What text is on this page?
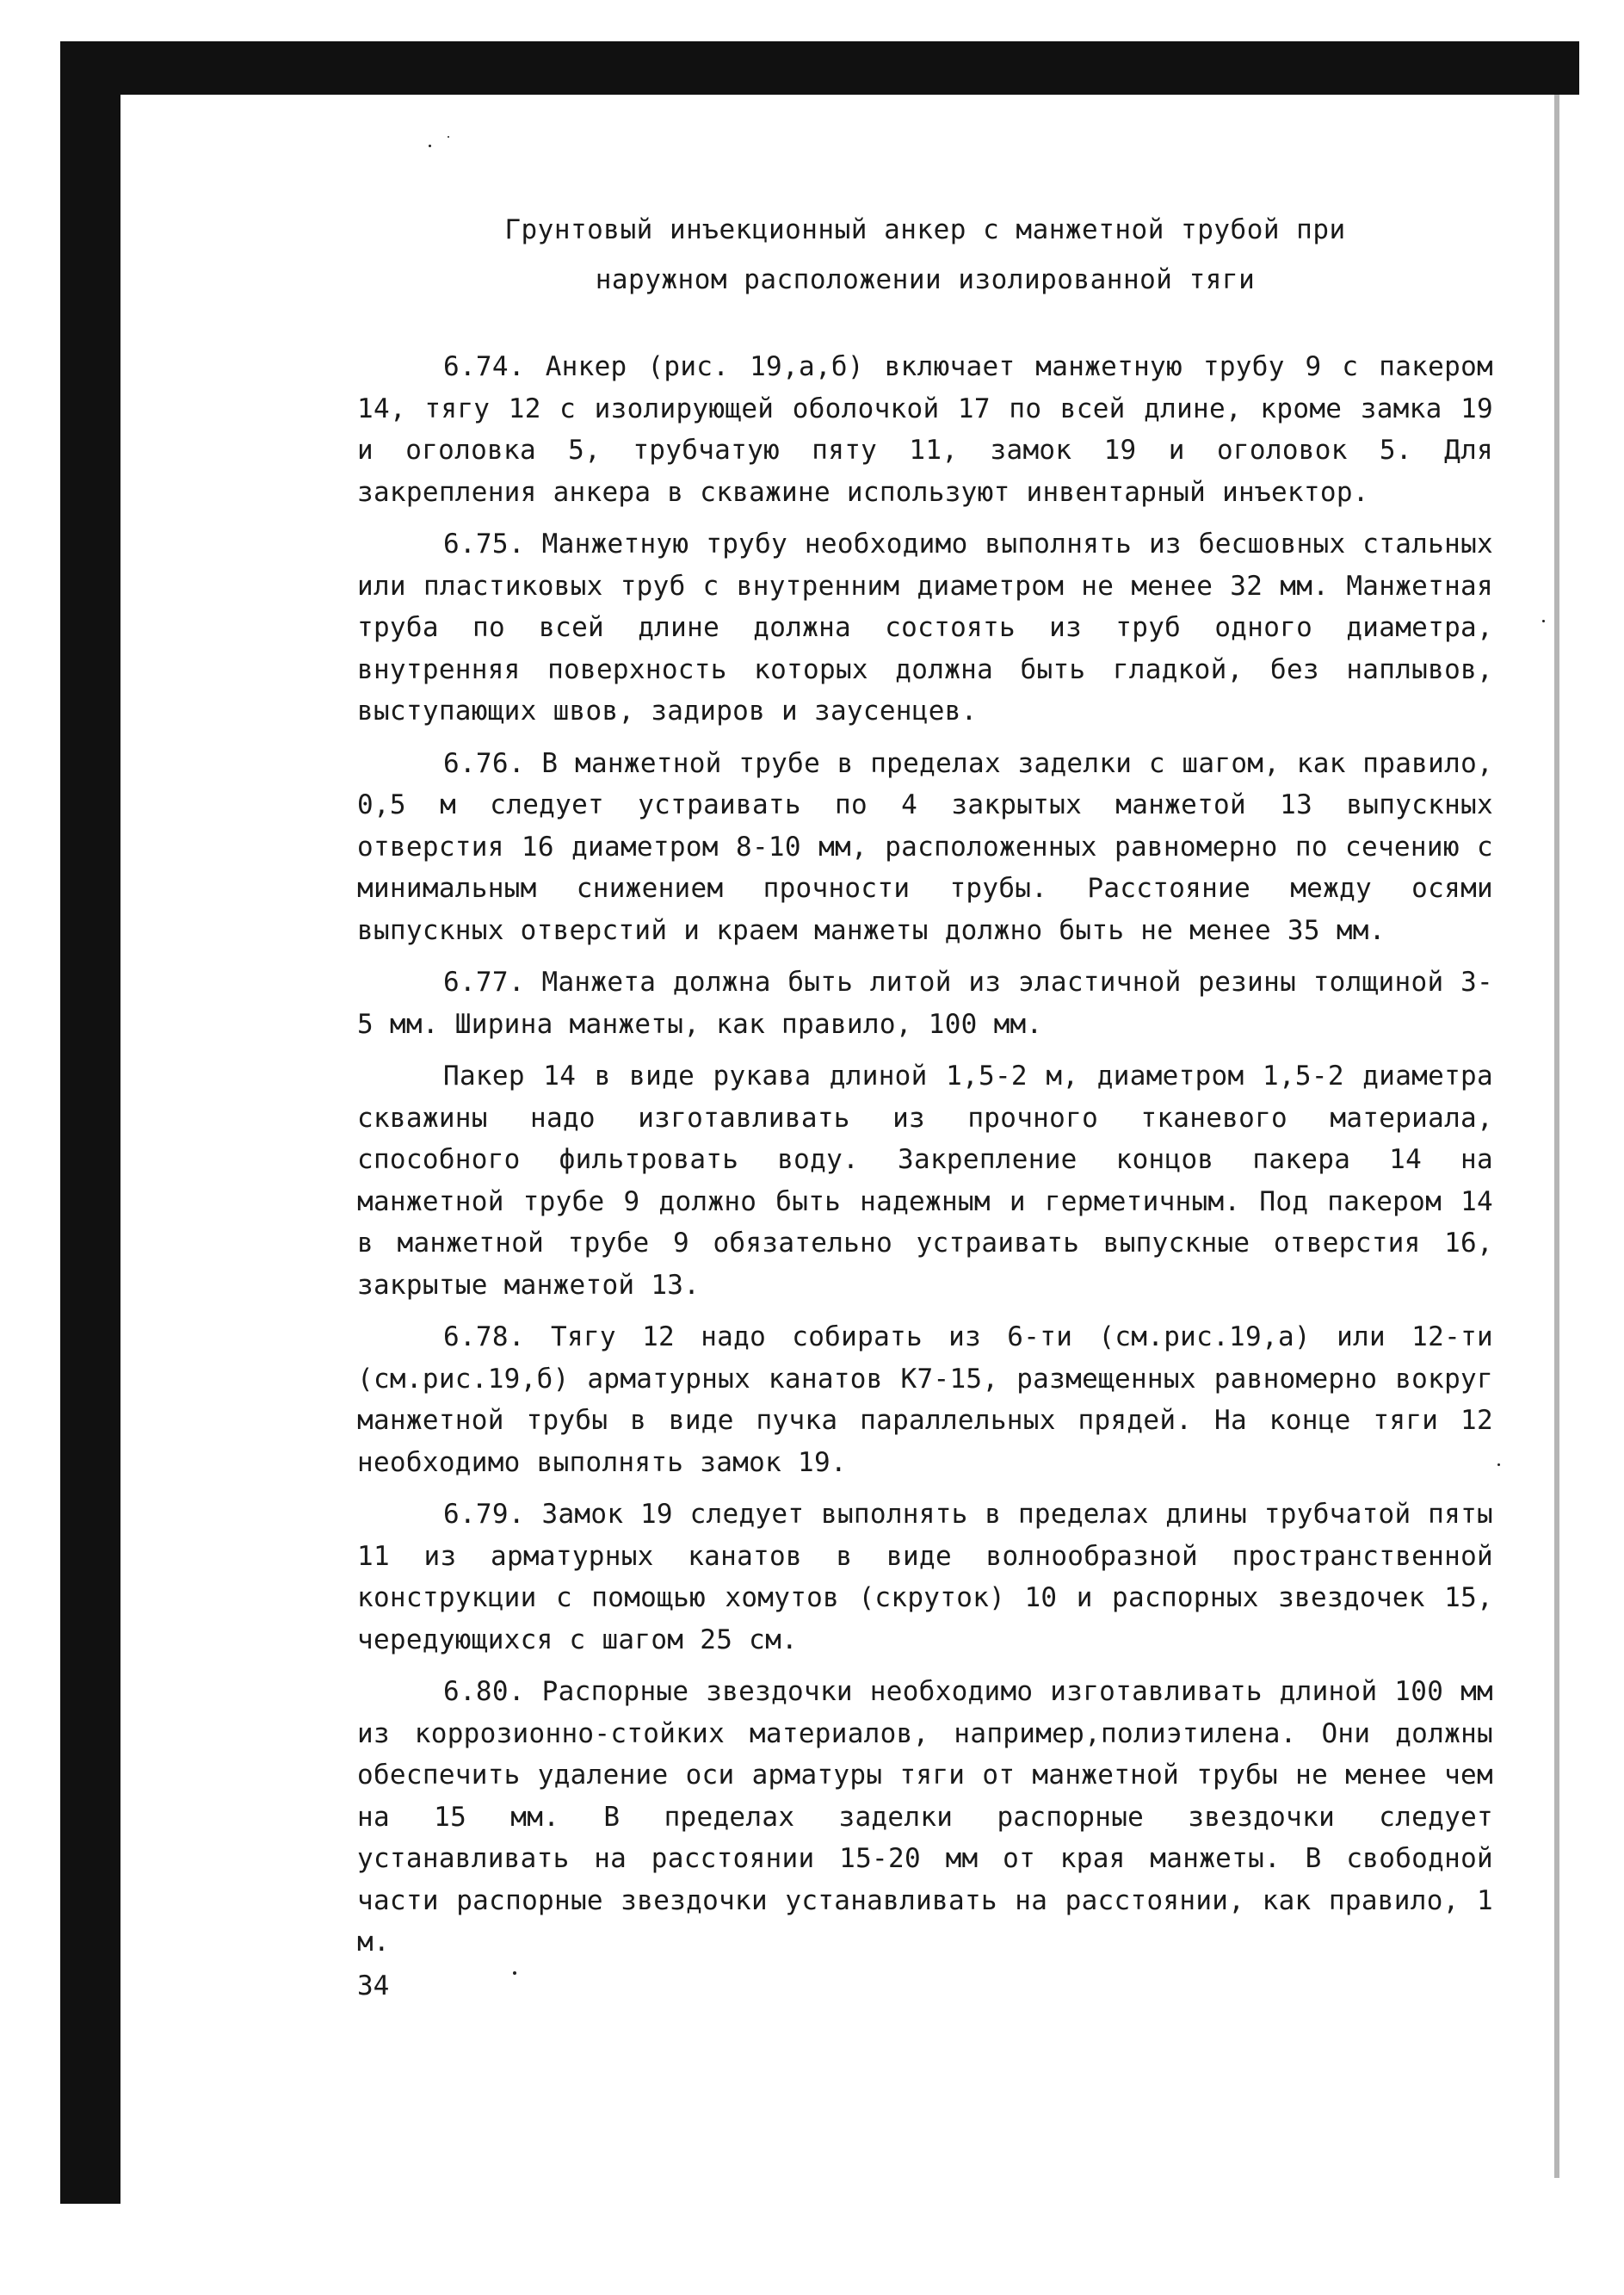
Грунтовый инъекционный анкер с манжетной трубой при
наружном расположении изолированной тяги

6.74. Анкер (рис. 19,а,б) включает манжетную трубу 9 с пакером 14, тягу 12 с изолирующей оболочкой 17 по всей длине, кроме замка 19 и оголовка 5, трубчатую пяту 11, замок 19 и оголовок 5. Для закрепления анкера в скважине используют инвентарный инъектор.

6.75. Манжетную трубу необходимо выполнять из бесшовных стальных или пластиковых труб с внутренним диаметром не менее 32 мм. Манжетная труба по всей длине должна состоять из труб одного диаметра, внутренняя поверхность которых должна быть гладкой, без наплывов, выступающих швов, задиров и заусенцев.

6.76. В манжетной трубе в пределах заделки с шагом, как правило, 0,5 м следует устраивать по 4 закрытых манжетой 13 выпускных отверстия 16 диаметром 8-10 мм, расположенных равномерно по сечению с минимальным снижением прочности трубы. Расстояние между осями выпускных отверстий и краем манжеты должно быть не менее 35 мм.

6.77. Манжета должна быть литой из эластичной резины толщиной 3-5 мм. Ширина манжеты, как правило, 100 мм.

Пакер 14 в виде рукава длиной 1,5-2 м, диаметром 1,5-2 диаметра скважины надо изготавливать из прочного тканевого материала, способного фильтровать воду. Закрепление концов пакера 14 на манжетной трубе 9 должно быть надежным и герметичным. Под пакером 14 в манжетной трубе 9 обязательно устраивать выпускные отверстия 16, закрытые манжетой 13.

6.78. Тягу 12 надо собирать из 6-ти (см.рис.19,а) или 12-ти (см.рис.19,б) арматурных канатов К7-15, размещенных равномерно вокруг манжетной трубы в виде пучка параллельных прядей. На конце тяги 12 необходимо выполнять замок 19.

6.79. Замок 19 следует выполнять в пределах длины трубчатой пяты 11 из арматурных канатов в виде волнообразной пространственной конструкции с помощью хомутов (скруток) 10 и распорных звездочек 15, чередующихся с шагом 25 см.

6.80. Распорные звездочки необходимо изготавливать длиной 100 мм из коррозионно-стойких материалов, например,полиэтилена. Они должны обеспечить удаление оси арматуры тяги от манжетной трубы не менее чем на 15 мм. В пределах заделки распорные звездочки следует устанавливать на расстоянии 15-20 мм от края манжеты. В свободной части распорные звездочки устанавливать на расстоянии, как правило, 1 м.

34
